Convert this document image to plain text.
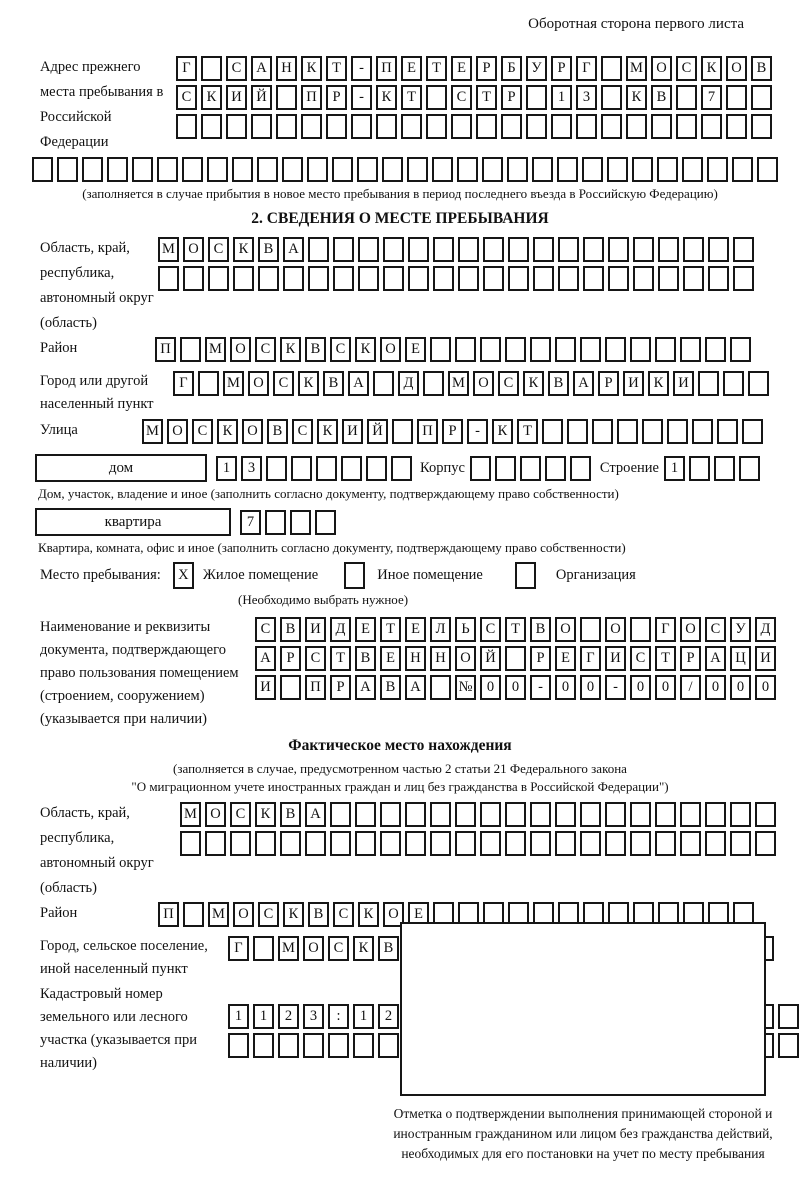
Оборотная сторона первого листа
Адрес прежнего места пребывания в Российской Федерации
Г	С	А	Н	К	Т	-	П	Е	Т	Е	Р	Б	У	Р	Г	М О	С	К	О	В
С	К	И	Й	П	Р	-	К	Т	С	Т	Р	1	3	К	В	7
(заполняется в случае прибытия в новое место пребывания в период последнего въезда в Российскую Федерацию)
2. СВЕДЕНИЯ О МЕСТЕ ПРЕБЫВАНИЯ
Область, край, республика, автономный округ (область)
М О	С	К	В	А
Район	П	М О	С	К	В	С	К	О	Е
Город или другой населенный пункт
Г	М О	С	К	В	А	Д	М О	С	К	В	А	Р	И	К	И
Улица	М О	С	К	О	В	С	К	И	Й	П	Р	-	К	Т
дом	1	3	Корпус	Строение 1
Дом, участок, владение и иное (заполнить согласно документу, подтверждающему право собственности)
квартира	7
Квартира, комната, офис и иное (заполнить согласно документу, подтверждающему право собственности)
Место пребывания:	X Жилое помещение	Иное помещение	Организация
(Необходимо выбрать нужное)
Наименование и реквизиты документа, подтверждающего право пользования помещением (строением, сооружением) (указывается при наличии)
С	В	И	Д	Е	Т	Е	Л	Ь	С	Т	В	О	О	Г	О	С	У	Д
А	Р	С	Т	В	Е	Н	Н	О	Й	Р	Е	Г	И	С	Т	Р	А	Ц	И
И	П	Р	А	В	А	№ 0	0	-	0	0	-	0	0	/	0	0	0
Фактическое место нахождения
(заполняется в случае, предусмотренном частью 2 статьи 21 Федерального закона
"О миграционном учете иностранных граждан и лиц без гражданства в Российской Федерации")
Область, край, республика, автономный округ (область)
М О	С	К	В	А
Район	П	М О	С	К	В	С	К	О	Е
Город, сельское поселение, иной населенный пункт
Г	М О	С	К	В
Кадастровый номер земельного или лесного участка (указывается при наличии)
1	1	2	3	:	1	2
Отметка о подтверждении выполнения принимающей стороной и иностранным гражданином или лицом без гражданства действий, необходимых для его постановки на учет по месту пребывания
